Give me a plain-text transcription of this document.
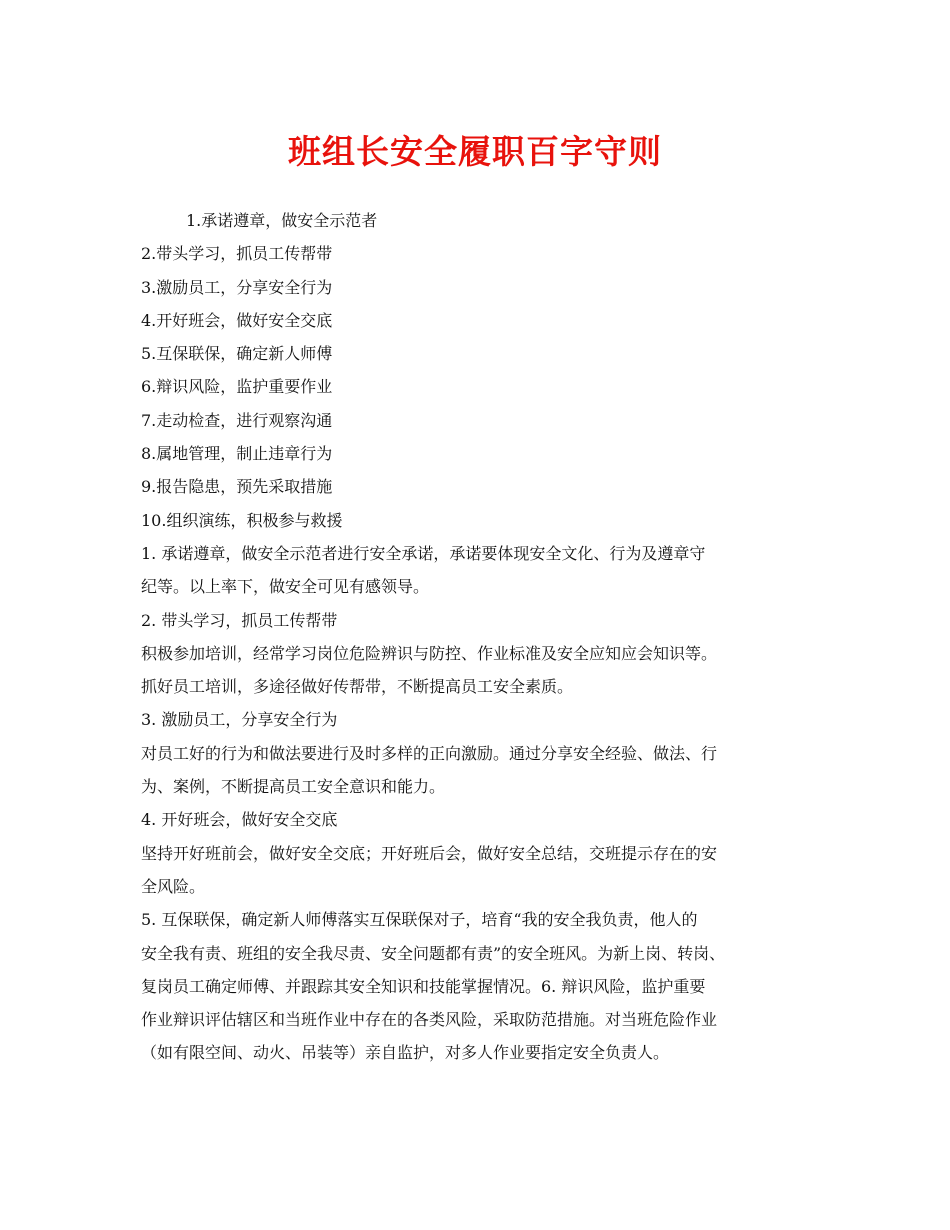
班组长安全履职百字守则
1.承诺遵章，做安全示范者
2.带头学习，抓员工传帮带
3.激励员工，分享安全行为
4.开好班会，做好安全交底
5.互保联保，确定新人师傅
6.辩识风险，监护重要作业
7.走动检查，进行观察沟通
8.属地管理，制止违章行为
9.报告隐患，预先采取措施
10.组织演练，积极参与救援
1. 承诺遵章，做安全示范者进行安全承诺，承诺要体现安全文化、行为及遵章守
纪等。以上率下，做安全可见有感领导。
2. 带头学习，抓员工传帮带
积极参加培训，经常学习岗位危险辨识与防控、作业标准及安全应知应会知识等。
抓好员工培训，多途径做好传帮带，不断提高员工安全素质。
3. 激励员工，分享安全行为
对员工好的行为和做法要进行及时多样的正向激励。通过分享安全经验、做法、行
为、案例，不断提高员工安全意识和能力。
4. 开好班会，做好安全交底
坚持开好班前会，做好安全交底；开好班后会，做好安全总结，交班提示存在的安
全风险。
5. 互保联保，确定新人师傅落实互保联保对子，培育“我的安全我负责，他人的
安全我有责、班组的安全我尽责、安全问题都有责”的安全班风。为新上岗、转岗、
复岗员工确定师傅、并跟踪其安全知识和技能掌握情况。6. 辩识风险，监护重要
作业辩识评估辖区和当班作业中存在的各类风险，采取防范措施。对当班危险作业
（如有限空间、动火、吊装等）亲自监护，对多人作业要指定安全负责人。
